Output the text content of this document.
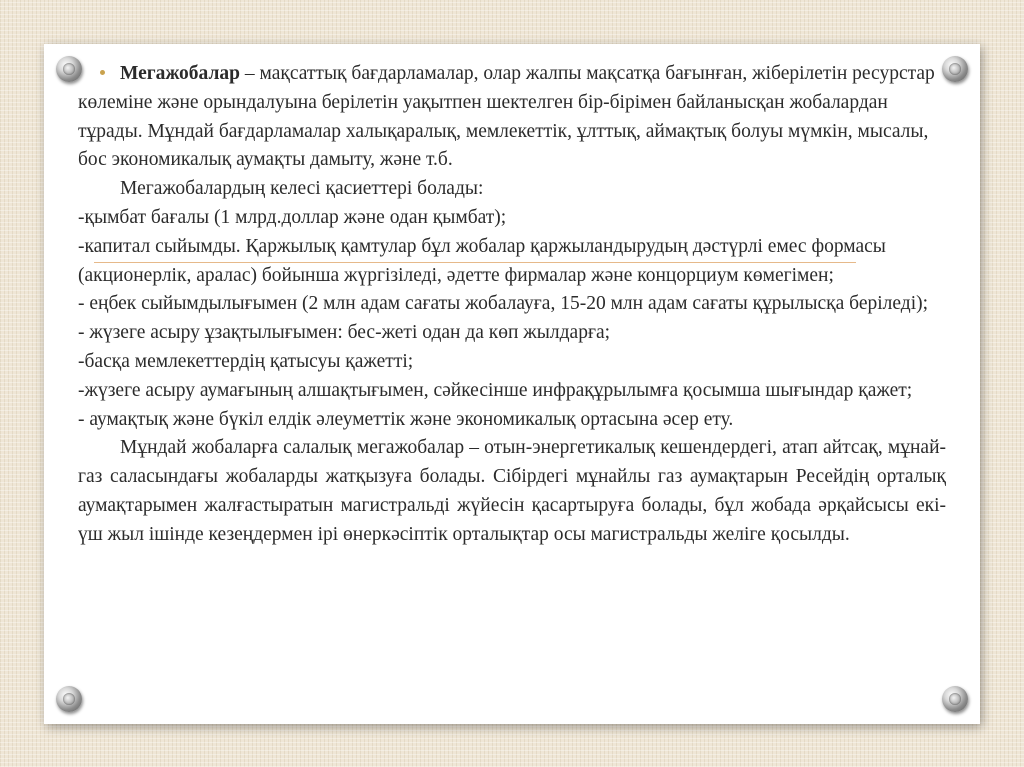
Мегажобалар – мақсаттық бағдарламалар, олар жалпы мақсатқа бағынған, жіберілетін ресурстар көлеміне және орындалуына берілетін уақытпен шектелген бір-бірімен байланысқан жобалардан тұрады. Мұндай бағдарламалар халықаралық, мемлекеттік, ұлттық, аймақтық болуы мүмкін, мысалы, бос экономикалық аумақты дамыту, және т.б.

Мегажобалардың келесі қасиеттері болады:

-қымбат бағалы (1 млрд.доллар және одан қымбат);

-капитал сыйымды. Қаржылық қамтулар бұл жобалар қаржыландырудың дәстүрлі емес формасы (акционерлік, аралас) бойынша жүргізіледі, әдетте фирмалар және концорциум көмегімен;

- еңбек сыйымдылығымен (2 млн адам сағаты жобалауға, 15-20 млн адам сағаты құрылысқа беріледі);

- жүзеге асыру ұзақтылығымен: бес-жеті одан да көп жылдарға;

-басқа мемлекеттердің қатысуы қажетті;

-жүзеге асыру аумағының алшақтығымен, сәйкесінше инфрақұрылымға қосымша шығындар қажет;

- аумақтық және бүкіл елдік әлеуметтік және экономикалық ортасына әсер ету.

Мұндай жобаларға салалық мегажобалар – отын-энергетикалық кешендердегі, атап айтсақ, мұнай-газ саласындағы жобаларды жатқызуға болады. Сібірдегі мұнайлы газ аумақтарын Ресейдің орталық аумақтарымен жалғастыратын магистральді жүйесін қасартыруға болады, бұл жобада әрқайсысы екі-үш жыл ішінде кезеңдермен ірі өнеркәсіптік орталықтар осы магистральды желіге қосылды.
